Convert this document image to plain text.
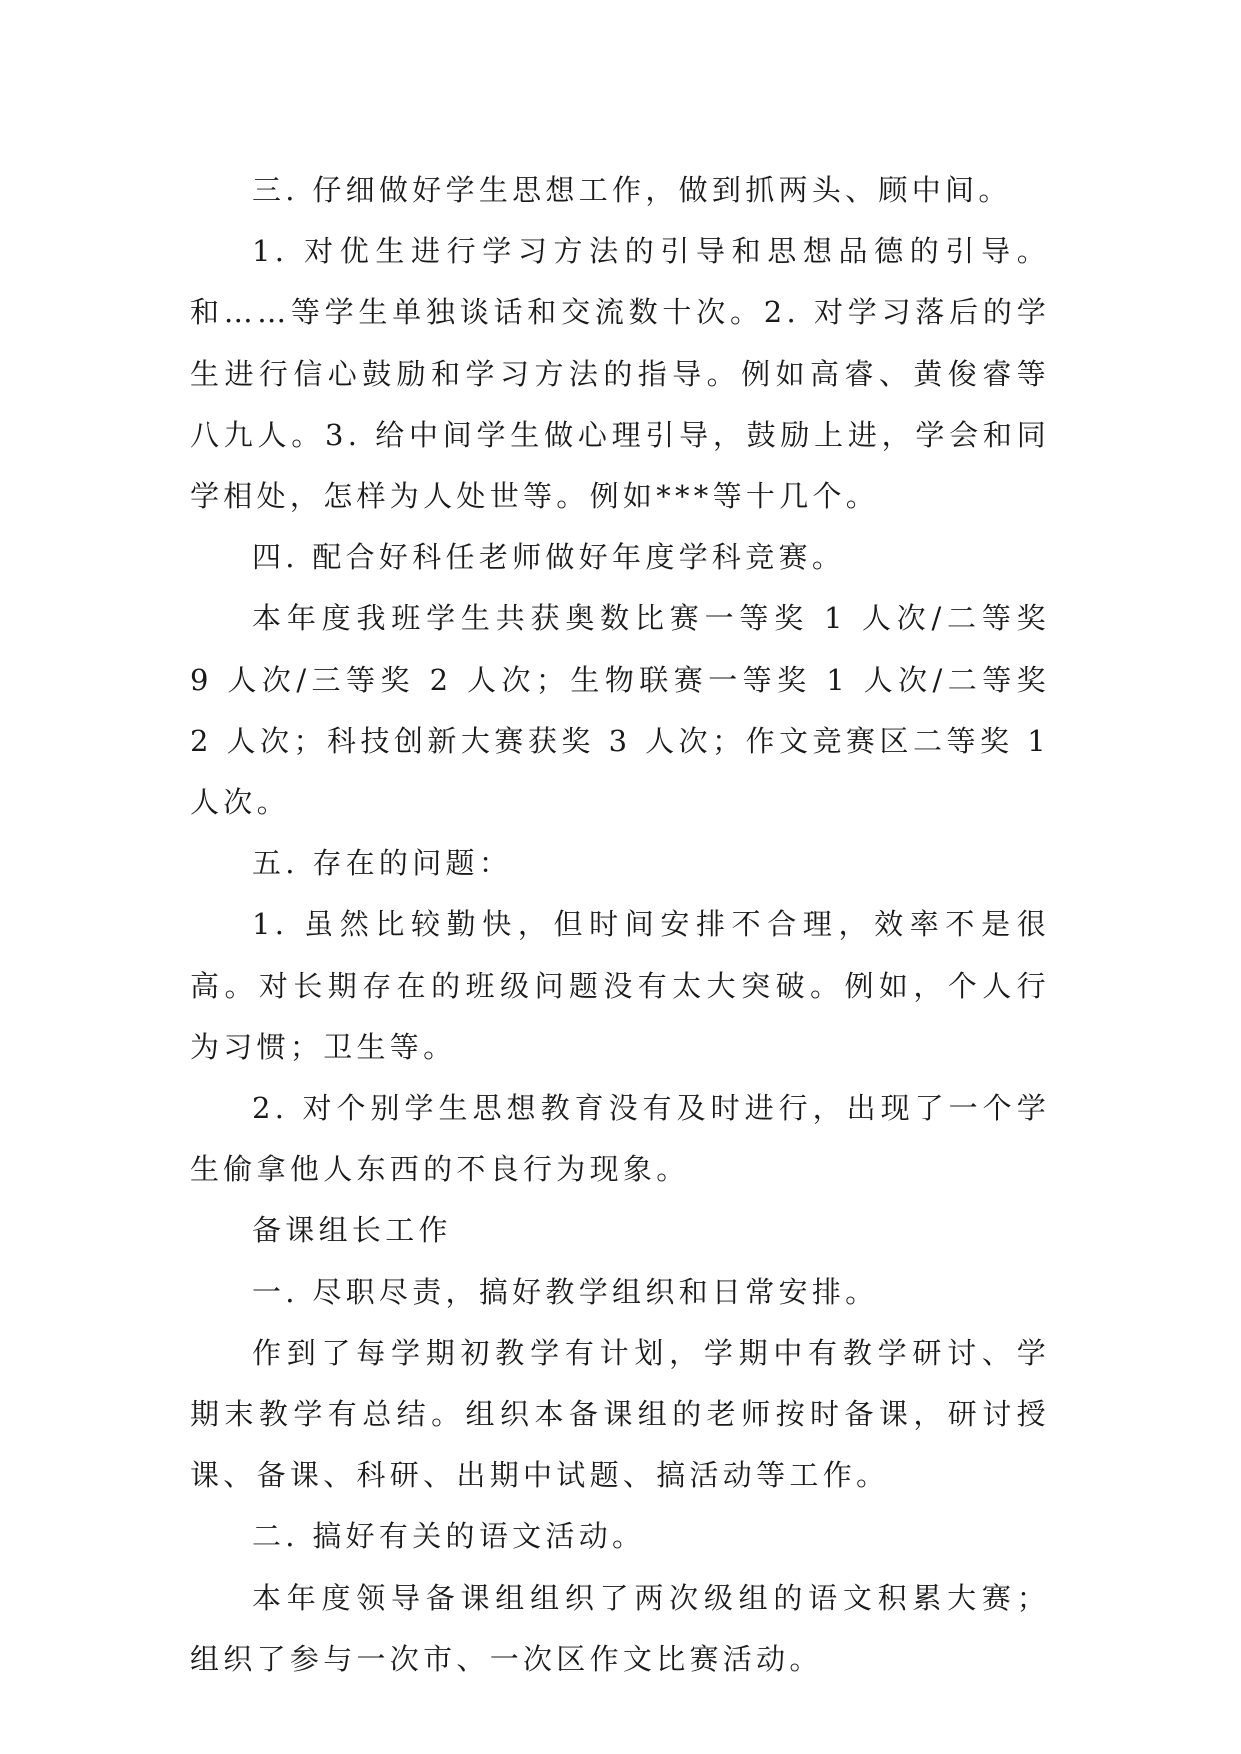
三. 仔细做好学生思想工作，做到抓两头、顾中间。

1. 对优生进行学习方法的引导和思想品德的引导。和……等学生单独谈话和交流数十次。2. 对学习落后的学生进行信心鼓励和学习方法的指导。例如高睿、黄俊睿等八九人。3. 给中间学生做心理引导，鼓励上进，学会和同学相处，怎样为人处世等。例如***等十几个。

四. 配合好科任老师做好年度学科竞赛。

本年度我班学生共获奥数比赛一等奖 1 人次/二等奖 9 人次/三等奖 2 人次；生物联赛一等奖 1 人次/二等奖 2 人次；科技创新大赛获奖 3 人次；作文竞赛区二等奖 1 人次。

五. 存在的问题：

1. 虽然比较勤快，但时间安排不合理，效率不是很高。对长期存在的班级问题没有太大突破。例如，个人行为习惯；卫生等。

2. 对个别学生思想教育没有及时进行，出现了一个学生偷拿他人东西的不良行为现象。

备课组长工作

一. 尽职尽责，搞好教学组织和日常安排。

作到了每学期初教学有计划，学期中有教学研讨、学期末教学有总结。组织本备课组的老师按时备课，研讨授课、备课、科研、出期中试题、搞活动等工作。

二. 搞好有关的语文活动。

本年度领导备课组组织了两次级组的语文积累大赛；组织了参与一次市、一次区作文比赛活动。
